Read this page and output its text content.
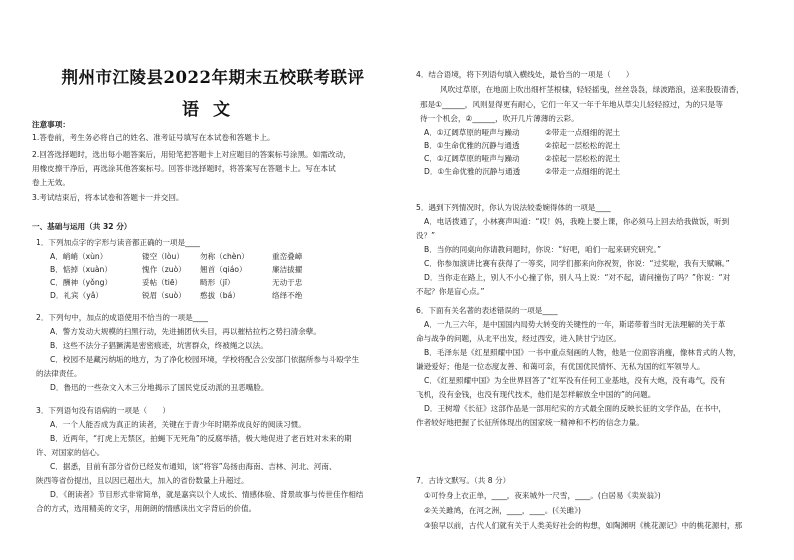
荆州市江陵县2022年期末五校联考联评
语文
注意事项：
1.答卷前，考生务必将自己的姓名、准考证号填写在本试卷和答题卡上。
2.回答选择题时，选出每小题答案后，用铅笔把答题卡上对应题目的答案标号涂黑。如需改动，
用橡皮擦干净后，再选涂其他答案标号。回答非选择题时，将答案写在答题卡上。写在本试
卷上无效。
3.考试结束后，将本试卷和答题卡一并交回。
一、基础与运用（共 32 分）
1．下列加点字的字形与读音都正确的一项是____
A．峭峭（xùn）	镂空（lòu） 勿称（chèn）	重峦叠嶂
B．惦掉（xuàn）	愧作（zuò） 翘首（qiáo）	廉洁拔擢
C．酬神（yǒng）	妥帖（tiē） 畸形（jī）	无动于忠
D．礼宾（yǎ）	锐眉（suò） 憨拔（bá）	络绎不绝
2．下列句中，加点的成语使用不恰当的一项是____
A．警方发动大规模的扫黑行动，先进捕团伙头目，再以摧枯拉朽之势扫清余孽。
B．这些不法分子猖獗满是密密痕迹，坑害群众，终被绳之以法。
C．校园不是藏污纳垢的地方，为了净化校园环境，学校将配合公安部门依据所参与斗殴学生
的法律责任。
D．鲁迅的一些杂文入木三分地揭示了国民党反动派的丑恶嘴脸。
3．下列语句没有语病的一项是（　　）
A．一个人能否成为真正的读者，关键在于青少年时期养成良好的阅读习惯。
B．近两年，“打虎上无禁区，拍蝇下无死角”的反腐举措，极大地促进了老百姓对未来的期
许、对国家的信心。
C．据悉，目前有部分省份已经发布通知，该“将容”岛扬由海南、吉林、河北、河南、
陕西等省份提出，且以因已超出大，加入的省份数量上升超过。
D．《朗读者》节目形式非常简单，就是嘉宾以个人成长、情感体验、背景故事与传世佳作相结
合的方式，选用精美的文字，用朗朗的情感读出文字背后的价值。
4．结合语境，将下列语句填入横线处，最恰当的一项是（　　）
风吹过草原，在地面上吹出细杆茎根棣，轻轻摇曳，丝丝袅袅，绿波踏浪，送来股股清香，
那是①______，风则显得更有耐心，它们一年又一年千年地从草尖儿轻轻掠过，为的只是等
待一个机会，②______，吹开几片薄薄的云彩。
A．①辽阔草原的哑声与躁动	②带走一点细细的泥土
B．①生命优雅的沉静与通透	②掠起一层松松的泥土
C．①辽阔草原的哑声与躁动	②掠起一层松松的泥土
D．①生命优雅的沉静与通透	②带走一点细细的泥土
5．遇到下列情况时，你认为说法较委婉得体的一项是____
A．电话拨通了，小林赛声叫道：“哎！妈，我晚上要上课，你必须马上回去给我做饭，听到
没？”
B．当你的同桌向你请教问题时，你说：“好吧，咱们一起来研究研究。”
C．你参加演讲比赛有获得了一等奖，同学们都来向你祝贺，你说：“过奖啦，我有天赋嘛。”
D．当你走在路上，别人不小心撞了你，别人马上说：“对不起，请问撞伤了吗？”你说：“对
不起？你是盲心点。”
6．下面有关名著的表述错误的一项是____
A．一九三六年，是中国国内局势大转变的关键性的一年，斯诺带着当时无法理解的关于革
命与战争的问题，从北平出发，经过西安，进入陕甘宁边区。
B．毛泽东是《红星照耀中国》一书中重点刻画的人物，他是一位面容消瘦，像林肯式的人物，
谦逊爱好；他是一位态度友善、和蔼可亲，有优国优民情怀、无私为国的红军领导人。
C．《红星照耀中国》为全世界回答了“红军没有任何工业基地，没有大炮，没有毒气，没有
飞机，没有金钱，也没有现代技术，他们是怎样解放全中国的”的问题。
D．王树增《长征》这部作品是一部用纪实的方式最全面的反映长征的文学作品，在书中，
作者较好地把握了长征所体现出的国家统一精神和不朽的信念力量。
7．古诗文默写。（共 8 分）
①可怜身上衣正单，____，夜来城外一尺雪，____。(白居易《卖炭翁》)
②关关雎鸠，在河之洲，____，____。(《关雎》)
③狼早以前，古代人们就有关于人类美好社会的构想，如陶渊明《桃花源记》中的桃花源村，那
